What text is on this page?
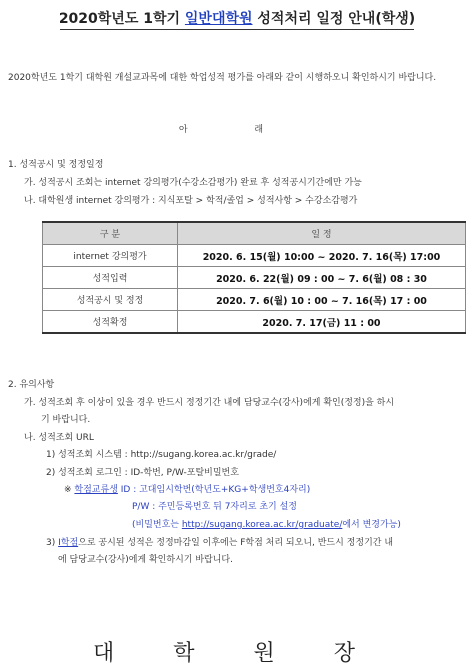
2020학년도 1학기 일반대학원 성적처리 일정 안내(학생)
2020학년도 1학기 대학원 개설교과목에 대한 학업성적 평가를 아래와 같이 시행하오니 확인하시기 바랍니다.
아 래
1. 성적공시 및 정정일정
가. 성적공시 조회는 internet 강의평가(수강소감평가) 완료 후 성적공시기간에만 가능
나. 대학원생 internet 강의평가 : 지식포탈 > 학적/졸업 > 성적사항 > 수강소감평가
구 분	일 정
internet 강의평가	2020. 6. 15(월) 10:00 ~ 2020. 7. 16(목) 17:00
성적입력	2020. 6. 22(월) 09 : 00 ~ 7. 6(월) 08 : 30
성적공시 및 정정	2020. 7. 6(월) 10 : 00 ~ 7. 16(목) 17 : 00
성적확정	2020. 7. 17(금) 11 : 00
2. 유의사항
가. 성적조회 후 이상이 있을 경우 반드시 정정기간 내에 담당교수(강사)에게 확인(정정)을 하시
기 바랍니다.
나. 성적조회 URL
1) 성적조회 시스템 : http://sugang.korea.ac.kr/grade/
2) 성적조회 로그인 : ID-학번, P/W-포탈비밀번호
※ 학점교류생 ID : 고대임시학번(학년도+KG+학생번호4자리)
P/W : 주민등록번호 뒤 7자리로 초기 설정
(비밀번호는 http://sugang.korea.ac.kr/graduate/에서 변경가능)
3) I학점으로 공시된 성적은 정정마감일 이후에는 F학점 처리 되오니, 반드시 정정기간 내
에 담당교수(강사)에게 확인하시기 바랍니다.
대 학 원 장
